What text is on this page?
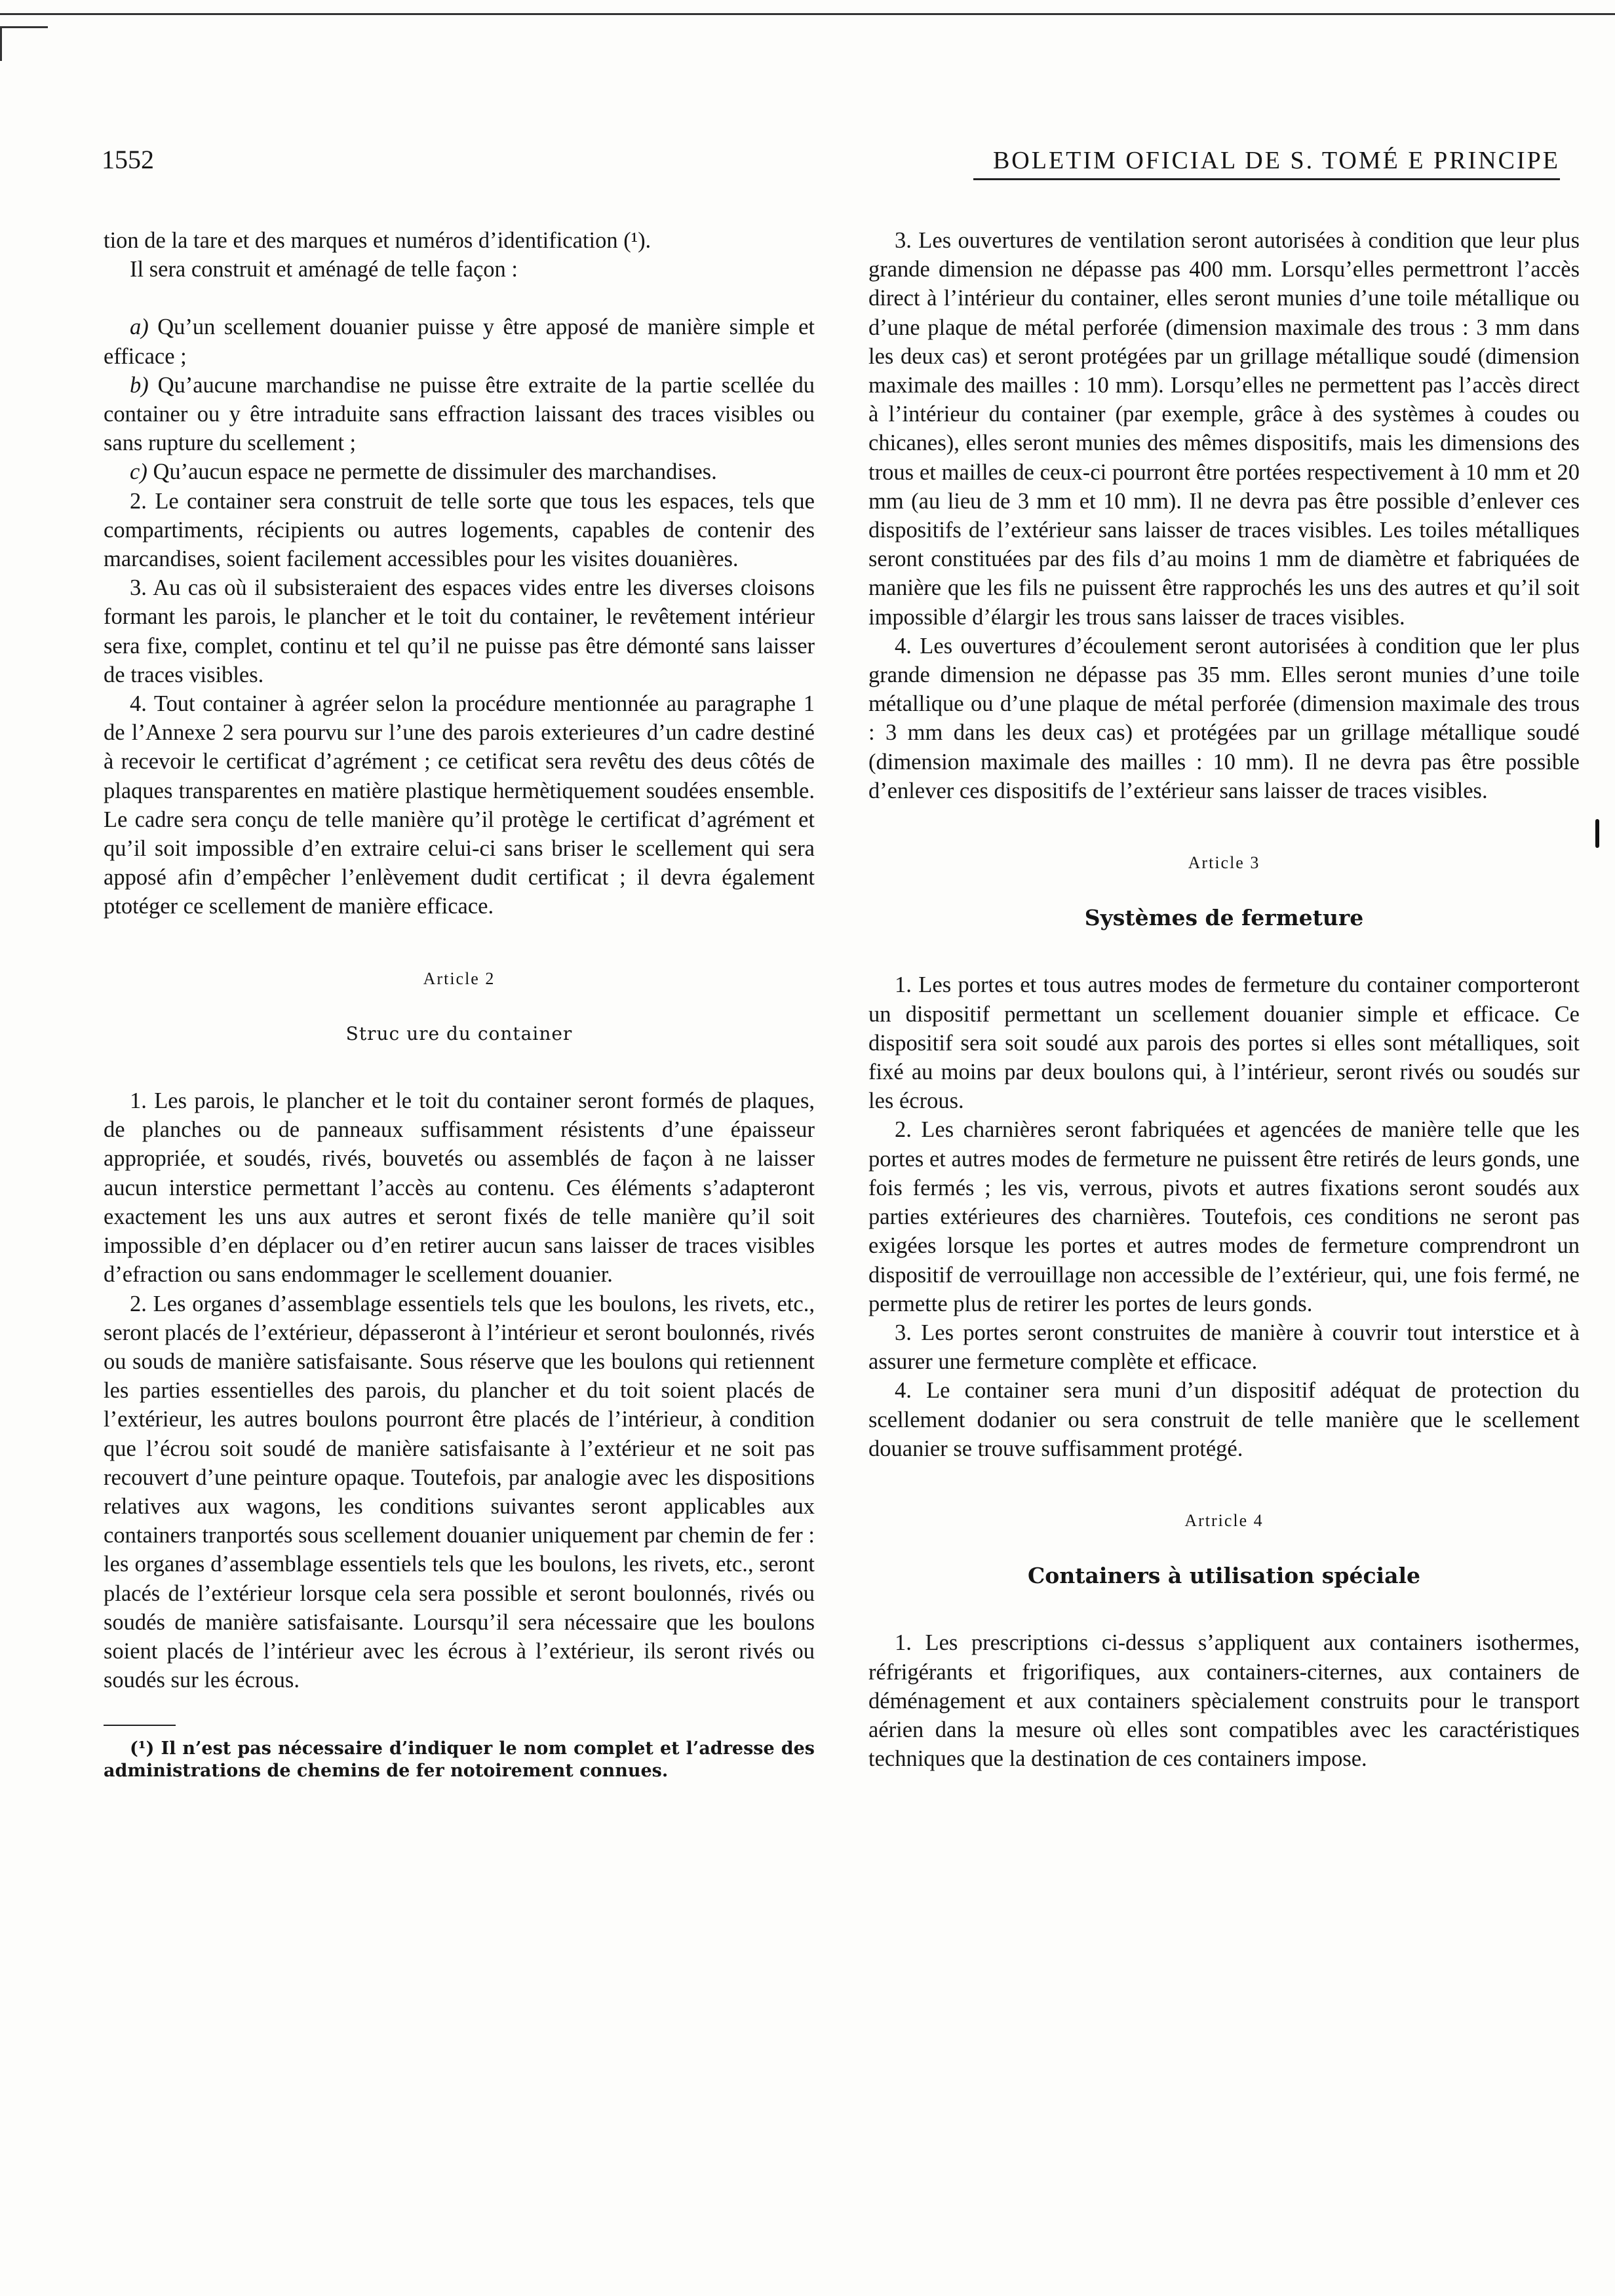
1552	BOLETIM OFICIAL DE S. TOMÉ E PRINCIPE

tion de la tare et des marques et numéros d’identification (¹).

Il sera construit et aménagé de telle façon :

a) Qu’un scellement douanier puisse y être apposé de manière simple et efficace ;

b) Qu’aucune marchandise ne puisse être extraite de la partie scellée du container ou y être intraduite sans effraction laissant des traces visibles ou sans rupture du scellement ;

c) Qu’aucun espace ne permette de dissimuler des marchandises.

2. Le container sera construit de telle sorte que tous les espaces, tels que compartiments, récipients ou autres logements, capables de contenir des marcandises, soient facilement accessibles pour les visites douanières.

3. Au cas où il subsisteraient des espaces vides entre les diverses cloisons formant les parois, le plancher et le toit du container, le revêtement intérieur sera fixe, complet, continu et tel qu’il ne puisse pas être démonté sans laisser de traces visibles.

4. Tout container à agréer selon la procédure mentionnée au paragraphe 1 de l’Annexe 2 sera pourvu sur l’une des parois exterieures d’un cadre destiné à recevoir le certificat d’agrément ; ce cetificat sera revêtu des deus côtés de plaques transparentes en matière plastique hermètiquement soudées ensemble. Le cadre sera conçu de telle manière qu’il protège le certificat d’agrément et qu’il soit impossible d’en extraire celui-ci sans briser le scellement qui sera apposé afin d’empêcher l’enlèvement dudit certificat ; il devra également ptotéger ce scellement de manière efficace.

Article 2

Struc ure du container

1. Les parois, le plancher et le toit du container seront formés de plaques, de planches ou de panneaux suffisamment résistents d’une épaisseur appropriée, et soudés, rivés, bouvetés ou assemblés de façon à ne laisser aucun interstice permettant l’accès au contenu. Ces éléments s’adapteront exactement les uns aux autres et seront fixés de telle manière qu’il soit impossible d’en déplacer ou d’en retirer aucun sans laisser de traces visibles d’efraction ou sans endommager le scellement douanier.

2. Les organes d’assemblage essentiels tels que les boulons, les rivets, etc., seront placés de l’extérieur, dépasseront à l’intérieur et seront boulonnés, rivés ou souds de manière satisfaisante. Sous réserve que les boulons qui retiennent les parties essentielles des parois, du plancher et du toit soient placés de l’extérieur, les autres boulons pourront être placés de l’intérieur, à condition que l’écrou soit soudé de manière satisfaisante à l’extérieur et ne soit pas recouvert d’une peinture opaque. Toutefois, par analogie avec les dispositions relatives aux wagons, les conditions suivantes seront applicables aux containers tranportés sous scellement douanier uniquement par chemin de fer : les organes d’assemblage essentiels tels que les boulons, les rivets, etc., seront placés de l’extérieur lorsque cela sera possible et seront boulonnés, rivés ou soudés de manière satisfaisante. Loursqu’il sera nécessaire que les boulons soient placés de l’intérieur avec les écrous à l’extérieur, ils seront rivés ou soudés sur les écrous.

(¹) Il n’est pas nécessaire d’indiquer le nom complet et l’adresse des administrations de chemins de fer notoirement connues.

3. Les ouvertures de ventilation seront autorisées à condition que leur plus grande dimension ne dépasse pas 400 mm. Lorsqu’elles permettront l’accès direct à l’intérieur du container, elles seront munies d’une toile métallique ou d’une plaque de métal perforée (dimension maximale des trous : 3 mm dans les deux cas) et seront protégées par un grillage métallique soudé (dimension maximale des mailles : 10 mm). Lorsqu’elles ne permettent pas l’accès direct à l’intérieur du container (par exemple, grâce à des systèmes à coudes ou chicanes), elles seront munies des mêmes dispositifs, mais les dimensions des trous et mailles de ceux-ci pourront être portées respectivement à 10 mm et 20 mm (au lieu de 3 mm et 10 mm). Il ne devra pas être possible d’enlever ces dispositifs de l’extérieur sans laisser de traces visibles. Les toiles métalliques seront constituées par des fils d’au moins 1 mm de diamètre et fabriquées de manière que les fils ne puissent être rapprochés les uns des autres et qu’il soit impossible d’élargir les trous sans laisser de traces visibles.

4. Les ouvertures d’écoulement seront autorisées à condition que ler plus grande dimension ne dépasse pas 35 mm. Elles seront munies d’une toile métallique ou d’une plaque de métal perforée (dimension maximale des trous : 3 mm dans les deux cas) et protégées par un grillage métallique soudé (dimension maximale des mailles : 10 mm). Il ne devra pas être possible d’enlever ces dispositifs de l’extérieur sans laisser de traces visibles.

Article 3

Systèmes de fermeture

1. Les portes et tous autres modes de fermeture du container comporteront un dispositif permettant un scellement douanier simple et efficace. Ce dispositif sera soit soudé aux parois des portes si elles sont métalliques, soit fixé au moins par deux boulons qui, à l’intérieur, seront rivés ou soudés sur les écrous.

2. Les charnières seront fabriquées et agencées de manière telle que les portes et autres modes de fermeture ne puissent être retirés de leurs gonds, une fois fermés ; les vis, verrous, pivots et autres fixations seront soudés aux parties extérieures des charnières. Toutefois, ces conditions ne seront pas exigées lorsque les portes et autres modes de fermeture comprendront un dispositif de verrouillage non accessible de l’extérieur, qui, une fois fermé, ne permette plus de retirer les portes de leurs gonds.

3. Les portes seront construites de manière à couvrir tout interstice et à assurer une fermeture complète et efficace.

4. Le container sera muni d’un dispositif adéquat de protection du scellement dodanier ou sera construit de telle manière que le scellement douanier se trouve suffisamment protégé.

Artricle 4

Containers à utilisation spéciale

1. Les prescriptions ci-dessus s’appliquent aux containers isothermes, réfrigérants et frigorifiques, aux containers-citernes, aux containers de déménagement et aux containers spècialement construits pour le transport aérien dans la mesure où elles sont compatibles avec les caractéristiques techniques que la destination de ces containers impose.
